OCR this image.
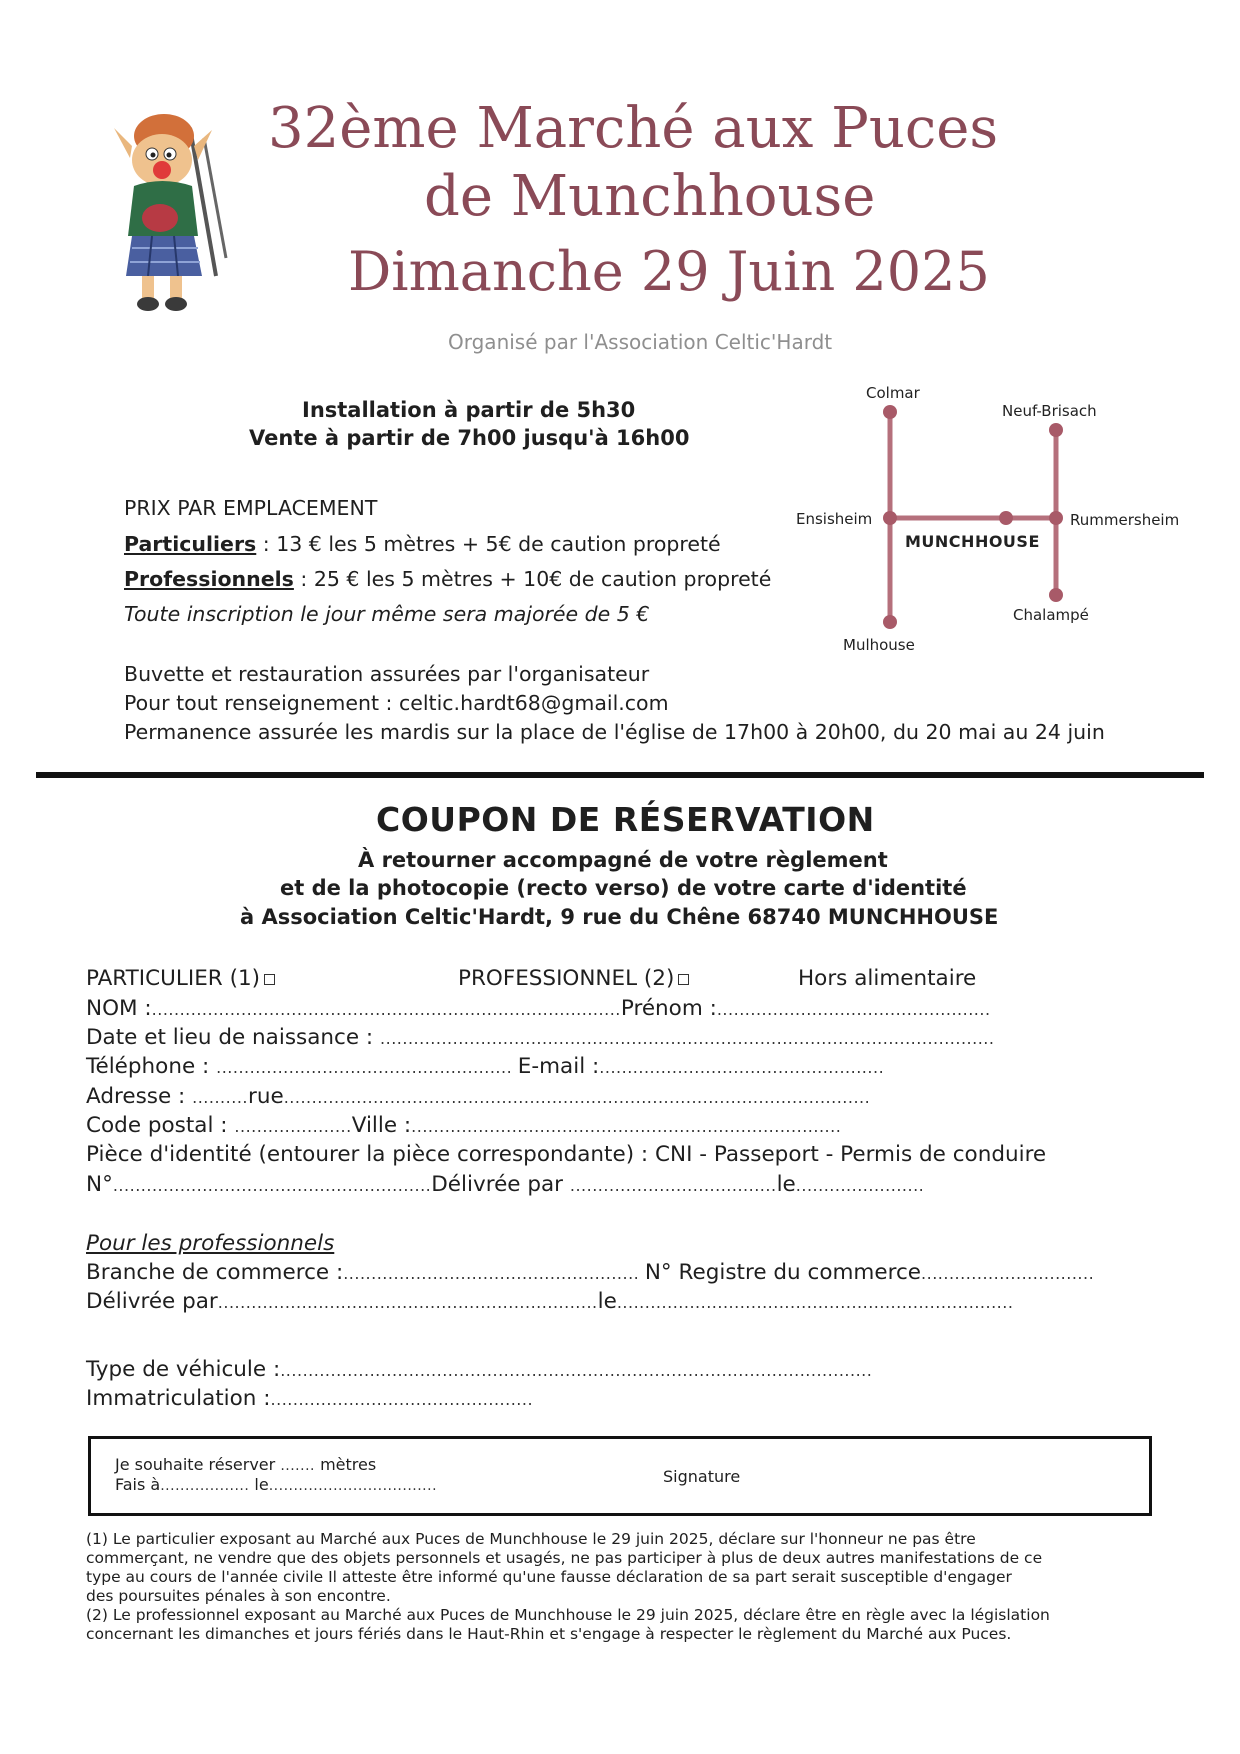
32ème Marché aux Puces
de Munchhouse
Dimanche 29 Juin 2025
Organisé par l'Association Celtic'Hardt
Installation à partir de 5h30
Vente à partir de 7h00 jusqu'à 16h00
PRIX PAR EMPLACEMENT
Particuliers : 13 € les 5 mètres + 5€ de caution propreté
Professionnels : 25 € les 5 mètres + 10€ de caution propreté
Toute inscription le jour même sera majorée de 5 €
Buvette et restauration assurées par l'organisateur
Pour tout renseignement : celtic.hardt68@gmail.com
Permanence assurée les mardis sur la place de l'église de 17h00 à 20h00, du 20 mai au 24 juin
Colmar
Neuf-Brisach
Ensisheim	Rummersheim
MUNCHHOUSE
Chalampé
Mulhouse
COUPON DE RÉSERVATION
À retourner accompagné de votre règlement
et de la photocopie (recto verso) de votre carte d'identité
à Association Celtic'Hardt, 9 rue du Chêne 68740 MUNCHHOUSE
PARTICULIER (1)	PROFESSIONNEL (2)	Hors alimentaire
NOM :....................................................................................Prénom :.................................................
Date et lieu de naissance : ..............................................................................................................
Téléphone : ..................................................... E-mail :...................................................
Adresse : ..........rue.........................................................................................................
Code postal : .....................Ville :.............................................................................
Pièce d'identité (entourer la pièce correspondante) : CNI - Passeport - Permis de conduire
N°.........................................................Délivrée par .....................................le.......................
Pour les professionnels
Branche de commerce :..................................................... N° Registre du commerce...............................
Délivrée par....................................................................le.......................................................................
Type de véhicule :..........................................................................................................
Immatriculation :...............................................
Je souhaite réserver ....... mètres
Fais à.................. le..................................	Signature
(1) Le particulier exposant au Marché aux Puces de Munchhouse le 29 juin 2025, déclare sur l'honneur ne pas être
commerçant, ne vendre que des objets personnels et usagés, ne pas participer à plus de deux autres manifestations de ce
type au cours de l'année civile Il atteste être informé qu'une fausse déclaration de sa part serait susceptible d'engager
des poursuites pénales à son encontre.
(2) Le professionnel exposant au Marché aux Puces de Munchhouse le 29 juin 2025, déclare être en règle avec la législation
concernant les dimanches et jours fériés dans le Haut-Rhin et s'engage à respecter le règlement du Marché aux Puces.
